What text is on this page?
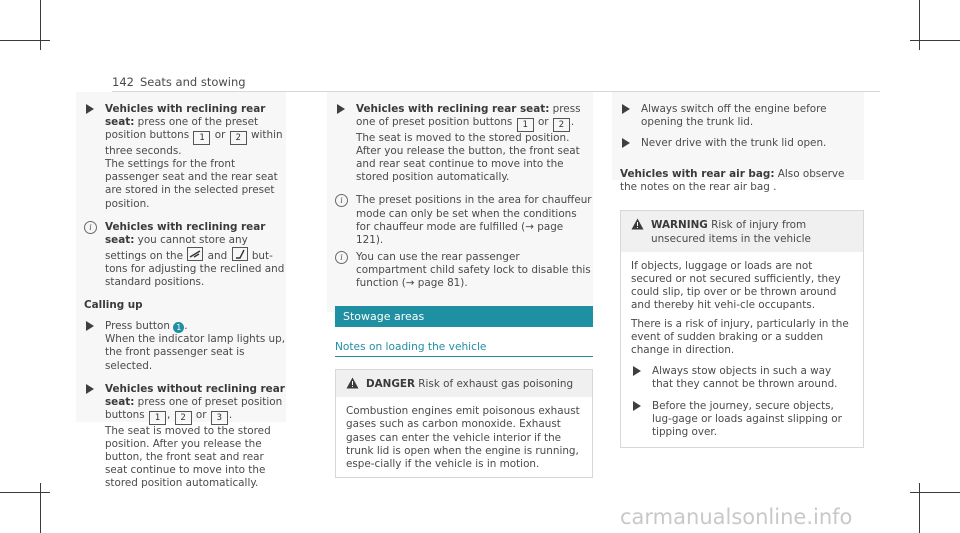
142 Seats and stowing
Vehicles with reclining rear seat: press one of the preset position buttons 1 or 2 within three seconds.
The settings for the front passenger seat and the rear seat are stored in the selected preset position.
i	Vehicles with reclining rear seat: you cannot store any settings on the
and
but-tons for adjusting the reclined and standard positions.
Calling up
Press button 1 .
When the indicator lamp lights up, the front passenger seat is selected.
Vehicles without reclining rear seat: press one of preset position buttons 1 , 2 or 3 .
The seat is moved to the stored position. After you release the button, the front seat and rear seat continue to move into the stored position automatically.
Vehicles with reclining rear seat: press one of preset position buttons 1 or 2 .
The seat is moved to the stored position. After you release the button, the front seat and rear seat continue to move into the stored position automatically.
i	The preset positions in the area for chauffeur mode can only be set when the conditions for chauffeur mode are fulfilled (→ page 121).
i	You can use the rear passenger compartment child safety lock to disable this function (→ page 81).
Stowage areas
Notes on loading the vehicle
DANGER Risk of exhaust gas poisoning
Combustion engines emit poisonous exhaust gases such as carbon monoxide. Exhaust gases can enter the vehicle interior if the trunk lid is open when the engine is running, espe-cially if the vehicle is in motion.
Always switch off the engine before opening the trunk lid.
Never drive with the trunk lid open.
Vehicles with rear air bag: Also observe the notes on the rear air bag .
WARNING Risk of injury from unsecured items in the vehicle
If objects, luggage or loads are not secured or not secured sufficiently, they could slip, tip over or be thrown around and thereby hit vehi-cle occupants.
There is a risk of injury, particularly in the event of sudden braking or a sudden change in direction.
Always stow objects in such a way that they cannot be thrown around.
Before the journey, secure objects, lug-gage or loads against slipping or tipping over.
carmanualsonline.info
